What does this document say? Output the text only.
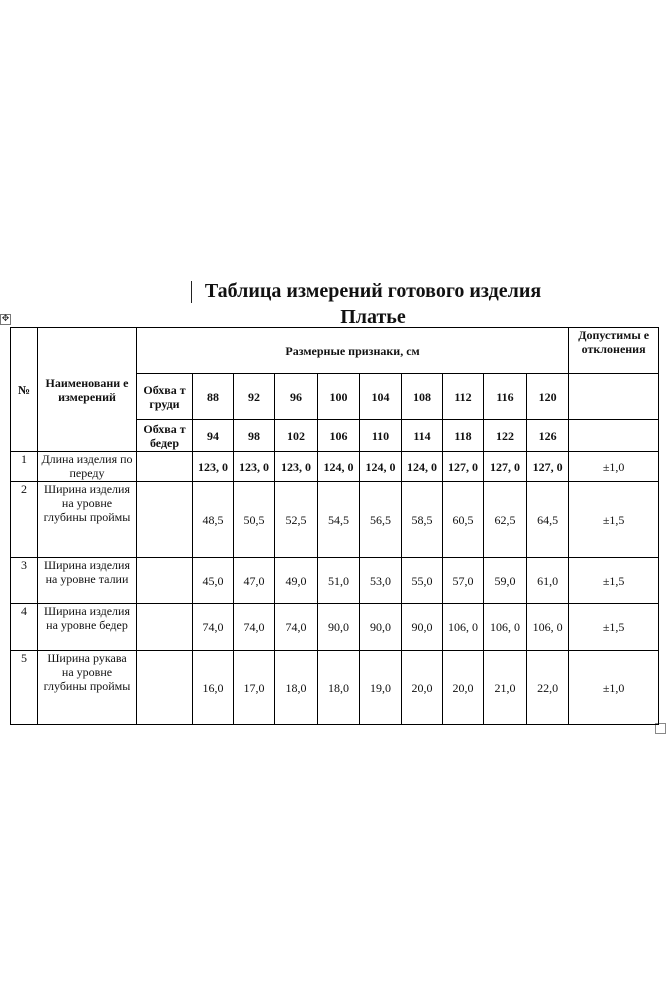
Таблица измерений готового изделия
Платье
✥
№	Наименовани е измерений	Размерные признаки, см										Допустимы е отклонения
		Обхва т груди	88	92	96	100	104	108	112	116	120	
		Обхва т бедер	94	98	102	106	110	114	118	122	126	
1	Длина изделия по переду		123, 0	123, 0	123, 0	124, 0	124, 0	124, 0	127, 0	127, 0	127, 0	±1,0
2	Ширина изделия на уровне глубины проймы		48,5	50,5	52,5	54,5	56,5	58,5	60,5	62,5	64,5	±1,5
3	Ширина изделия на уровне талии		45,0	47,0	49,0	51,0	53,0	55,0	57,0	59,0	61,0	±1,5
4	Ширина изделия на уровне бедер		74,0	74,0	74,0	90,0	90,0	90,0	106, 0	106, 0	106, 0	±1,5
5	Ширина рукава на уровне глубины проймы		16,0	17,0	18,0	18,0	19,0	20,0	20,0	21,0	22,0	±1,0
